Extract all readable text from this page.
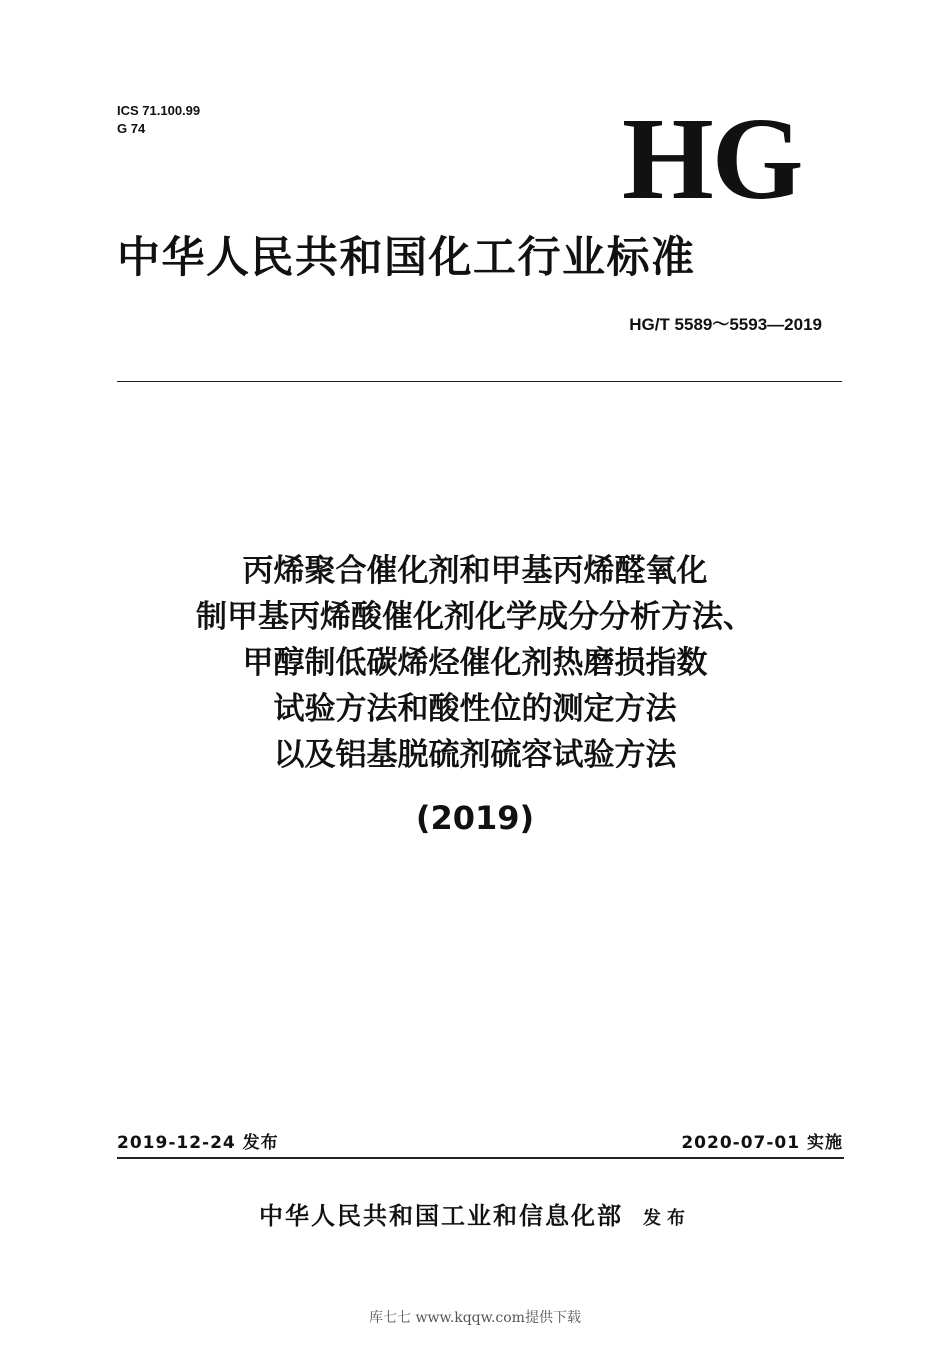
ICS 71.100.99
G 74	HG
中华人民共和国化工行业标准
HG/T 5589～5593—2019
丙烯聚合催化剂和甲基丙烯醛氧化
制甲基丙烯酸催化剂化学成分分析方法、
甲醇制低碳烯烃催化剂热磨损指数
试验方法和酸性位的测定方法
以及铝基脱硫剂硫容试验方法
(2019)
2019-12-24 发布	2020-07-01 实施
中华人民共和国工业和信息化部 发布
库七七 www.kqqw.com提供下载
